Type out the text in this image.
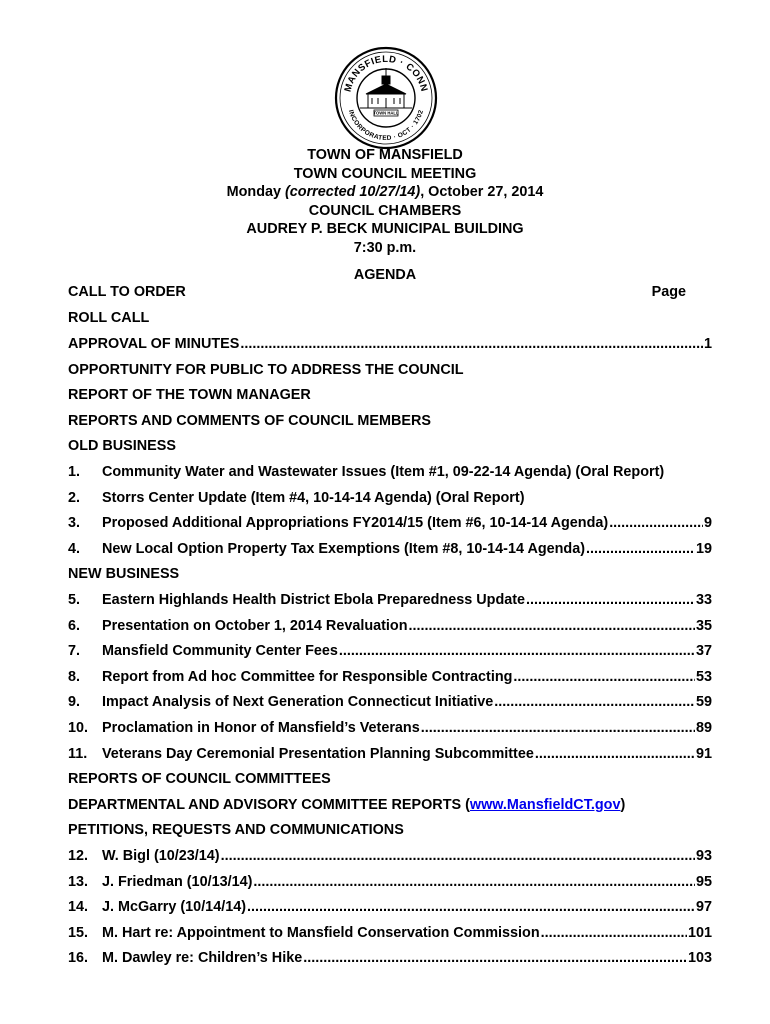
MANSFIELD · CONN
INCORPORATED · OCT · 1702
TOWN HALL
TOWN OF MANSFIELD
TOWN COUNCIL MEETING
Monday (corrected 10/27/14), October 27, 2014
COUNCIL CHAMBERS
AUDREY P. BECK MUNICIPAL BUILDING
7:30 p.m.
AGENDA
CALL TO ORDER	Page
ROLL CALL
APPROVAL OF MINUTES .....	1
OPPORTUNITY FOR PUBLIC TO ADDRESS THE COUNCIL
REPORT OF THE TOWN MANAGER
REPORTS AND COMMENTS OF COUNCIL MEMBERS
OLD BUSINESS
1.	Community Water and Wastewater Issues (Item #1, 09-22-14 Agenda) (Oral Report)
2.	Storrs Center Update (Item #4, 10-14-14 Agenda) (Oral Report)
3.	Proposed Additional Appropriations FY2014/15 (Item #6, 10-14-14 Agenda) .....	9
4.	New Local Option Property Tax Exemptions (Item #8, 10-14-14 Agenda) .....	19
NEW BUSINESS
5.	Eastern Highlands Health District Ebola Preparedness Update .....	33
6.	Presentation on October 1, 2014 Revaluation .....	35
7.	Mansfield Community Center Fees .....	37
8.	Report from Ad hoc Committee for Responsible Contracting .....	53
9.	Impact Analysis of Next Generation Connecticut Initiative .....	59
10. Proclamation in Honor of Mansfield’s Veterans .....	89
11.	Veterans Day Ceremonial Presentation Planning Subcommittee .....	91
REPORTS OF COUNCIL COMMITTEES
DEPARTMENTAL AND ADVISORY COMMITTEE REPORTS ( www.MansfieldCT.gov )
PETITIONS, REQUESTS AND COMMUNICATIONS
12. W. Bigl (10/23/14) .....	93
13. J. Friedman (10/13/14) .....	95
14. J. McGarry (10/14/14) .....	97
15. M. Hart re: Appointment to Mansfield Conservation Commission .....	101
16. M. Dawley re: Children’s Hike .....	103
